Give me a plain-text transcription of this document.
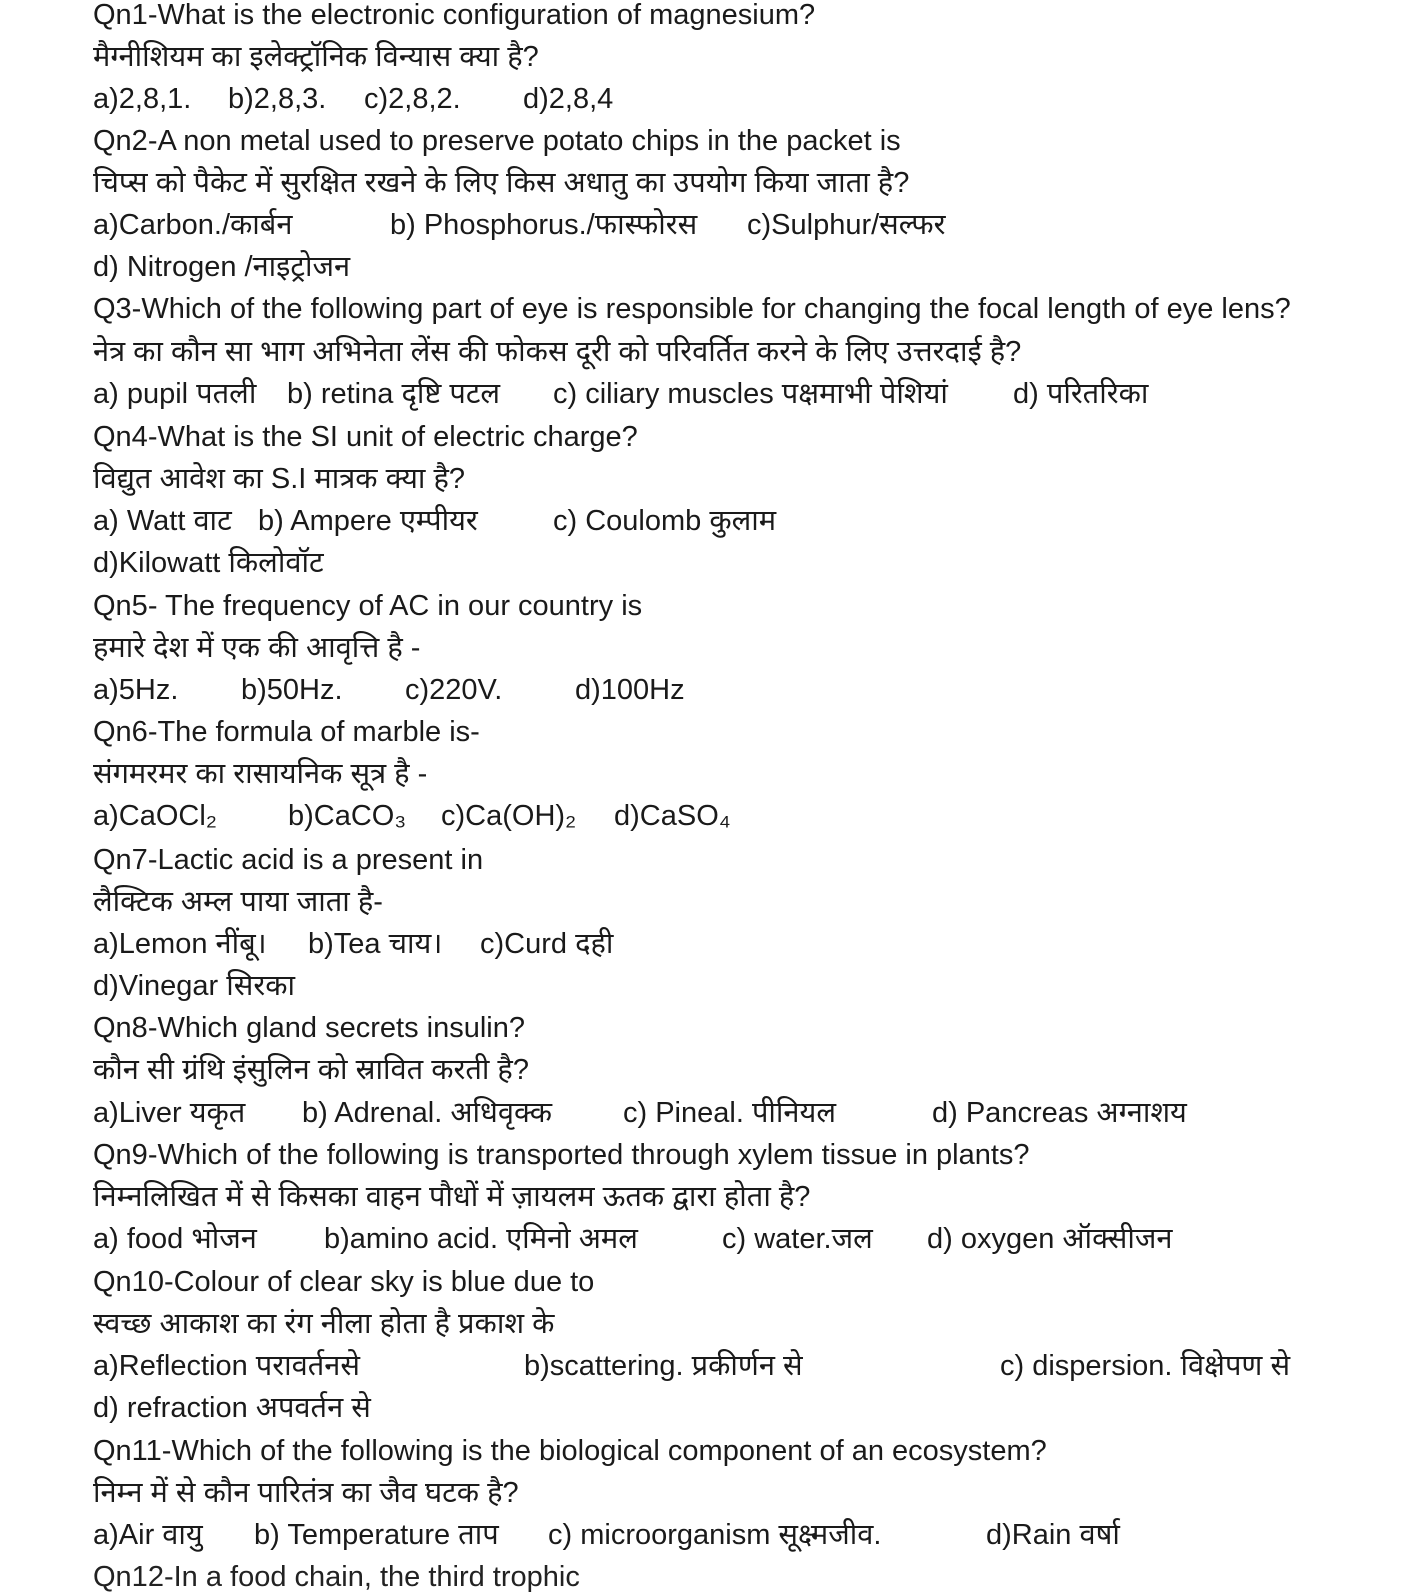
Qn1-What is the electronic configuration of magnesium?
मैग्नीशियम का इलेक्ट्रॉनिक विन्यास क्या है?
a)2,8,1. b)2,8,3. c)2,8,2. d)2,8,4
Qn2-A non metal used to preserve potato chips in the packet is
चिप्स को पैकेट में सुरक्षित रखने के लिए किस अधातु का उपयोग किया जाता है?
a)Carbon./कार्बन	b) Phosphorus./फास्फोरस c)Sulphur/सल्फर
d) Nitrogen /नाइट्रोजन
Q3-Which of the following part of eye is responsible for changing the focal length of eye lens?
नेत्र का कौन सा भाग अभिनेता लेंस की फोकस दूरी को परिवर्तित करने के लिए उत्तरदाई है?
a) pupil पतली b) retina दृष्टि पटल c) ciliary muscles पक्षमाभी पेशियां d) परितरिका
Qn4-What is the SI unit of electric charge?
विद्युत आवेश का S.I मात्रक क्या है?
a) Watt वाट b) Ampere एम्पीयर	c) Coulomb कुलाम
d)Kilowatt किलोवॉट
Qn5- The frequency of AC in our country is
हमारे देश में एक की आवृत्ति है -
a)5Hz. b)50Hz. c)220V.	d)100Hz
Qn6-The formula of marble is-
संगमरमर का रासायनिक सूत्र है -
a)CaOCl₂ b)CaCO₃ c)Ca(OH)₂ d)CaSO₄
Qn7-Lactic acid is a present in
लैक्टिक अम्ल पाया जाता है-
a)Lemon नींबू। b)Tea चाय। c)Curd दही
d)Vinegar सिरका
Qn8-Which gland secrets insulin?
कौन सी ग्रंथि इंसुलिन को स्रावित करती है?
a)Liver यकृत b) Adrenal. अधिवृक्क c) Pineal. पीनियल	d) Pancreas अग्नाशय
Qn9-Which of the following is transported through xylem tissue in plants?
निम्नलिखित में से किसका वाहन पौधों में ज़ायलम ऊतक द्वारा होता है?
a) food भोजन b)amino acid. एमिनो अमल	c) water.जल d) oxygen ऑक्सीजन
Qn10-Colour of clear sky is blue due to
स्वच्छ आकाश का रंग नीला होता है प्रकाश के
a)Reflection परावर्तनसे	b)scattering. प्रकीर्णन से	c) dispersion. विक्षेपण से
d) refraction अपवर्तन से
Qn11-Which of the following is the biological component of an ecosystem?
निम्न में से कौन पारितंत्र का जैव घटक है?
a)Air वायु b) Temperature ताप c) microorganism सूक्ष्मजीव.	d)Rain वर्षा
Qn12-In a food chain, the third trophic
